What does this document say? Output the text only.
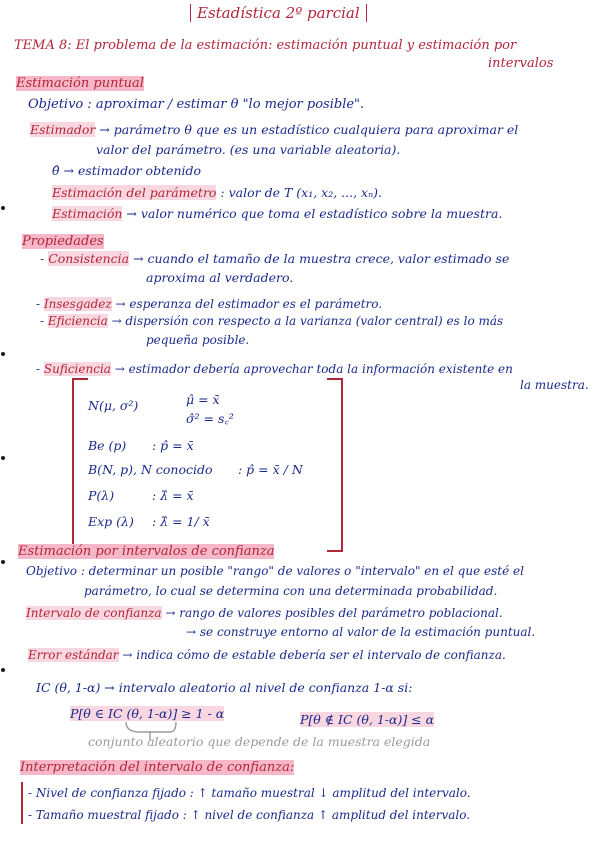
Estadística 2º parcial
TEMA 8: El problema de la estimación: estimación puntual y estimación por
intervalos
Estimación puntual
Objetivo : aproximar / estimar θ "lo mejor posible".
Estimador → parámetro θ que es un estadístico cualquiera para aproximar el
valor del parámetro. (es una variable aleatoria).
θ̂ → estimador obtenido
Estimación del parámetro : valor de T (x₁, x₂, ..., xₙ).
Estimación → valor numérico que toma el estadístico sobre la muestra.
Propiedades
- Consistencia → cuando el tamaño de la muestra crece, valor estimado se
aproxima al verdadero.
- Insesgadez → esperanza del estimador es el parámetro.
- Eficiencia → dispersión con respecto a la varianza (valor central) es lo más
pequeña posible.
- Suficiencia → estimador debería aprovechar toda la información existente en
la muestra.
N(μ, σ²)	μ̂ = x̄
σ̂² = s꜀²
Be (p) : p̂ = x̄
B(N, p), N conocido : p̂ = x̄ / N
P(λ)	: λ̂ = x̄
Exp (λ) : λ̂ = 1/ x̄
Estimación por intervalos de confianza
Objetivo : determinar un posible "rango" de valores o "intervalo" en el que esté el
parámetro, lo cual se determina con una determinada probabilidad.
Intervalo de confianza → rango de valores posibles del parámetro poblacional.
→ se construye entorno al valor de la estimación puntual.
Error estándar → indica cómo de estable debería ser el intervalo de confianza.
IC (θ, 1-α) → intervalo aleatorio al nivel de confianza 1-α si:
P[θ ∈ IC (θ, 1-α)] ≥ 1 - α	P[θ ∉ IC (θ, 1-α)] ≤ α
conjunto aleatorio que depende de la muestra elegida
Interpretación del intervalo de confianza:
- Nivel de confianza fijado : ↑ tamaño muestral ↓ amplitud del intervalo.
- Tamaño muestral fijado : ↑ nivel de confianza ↑ amplitud del intervalo.
